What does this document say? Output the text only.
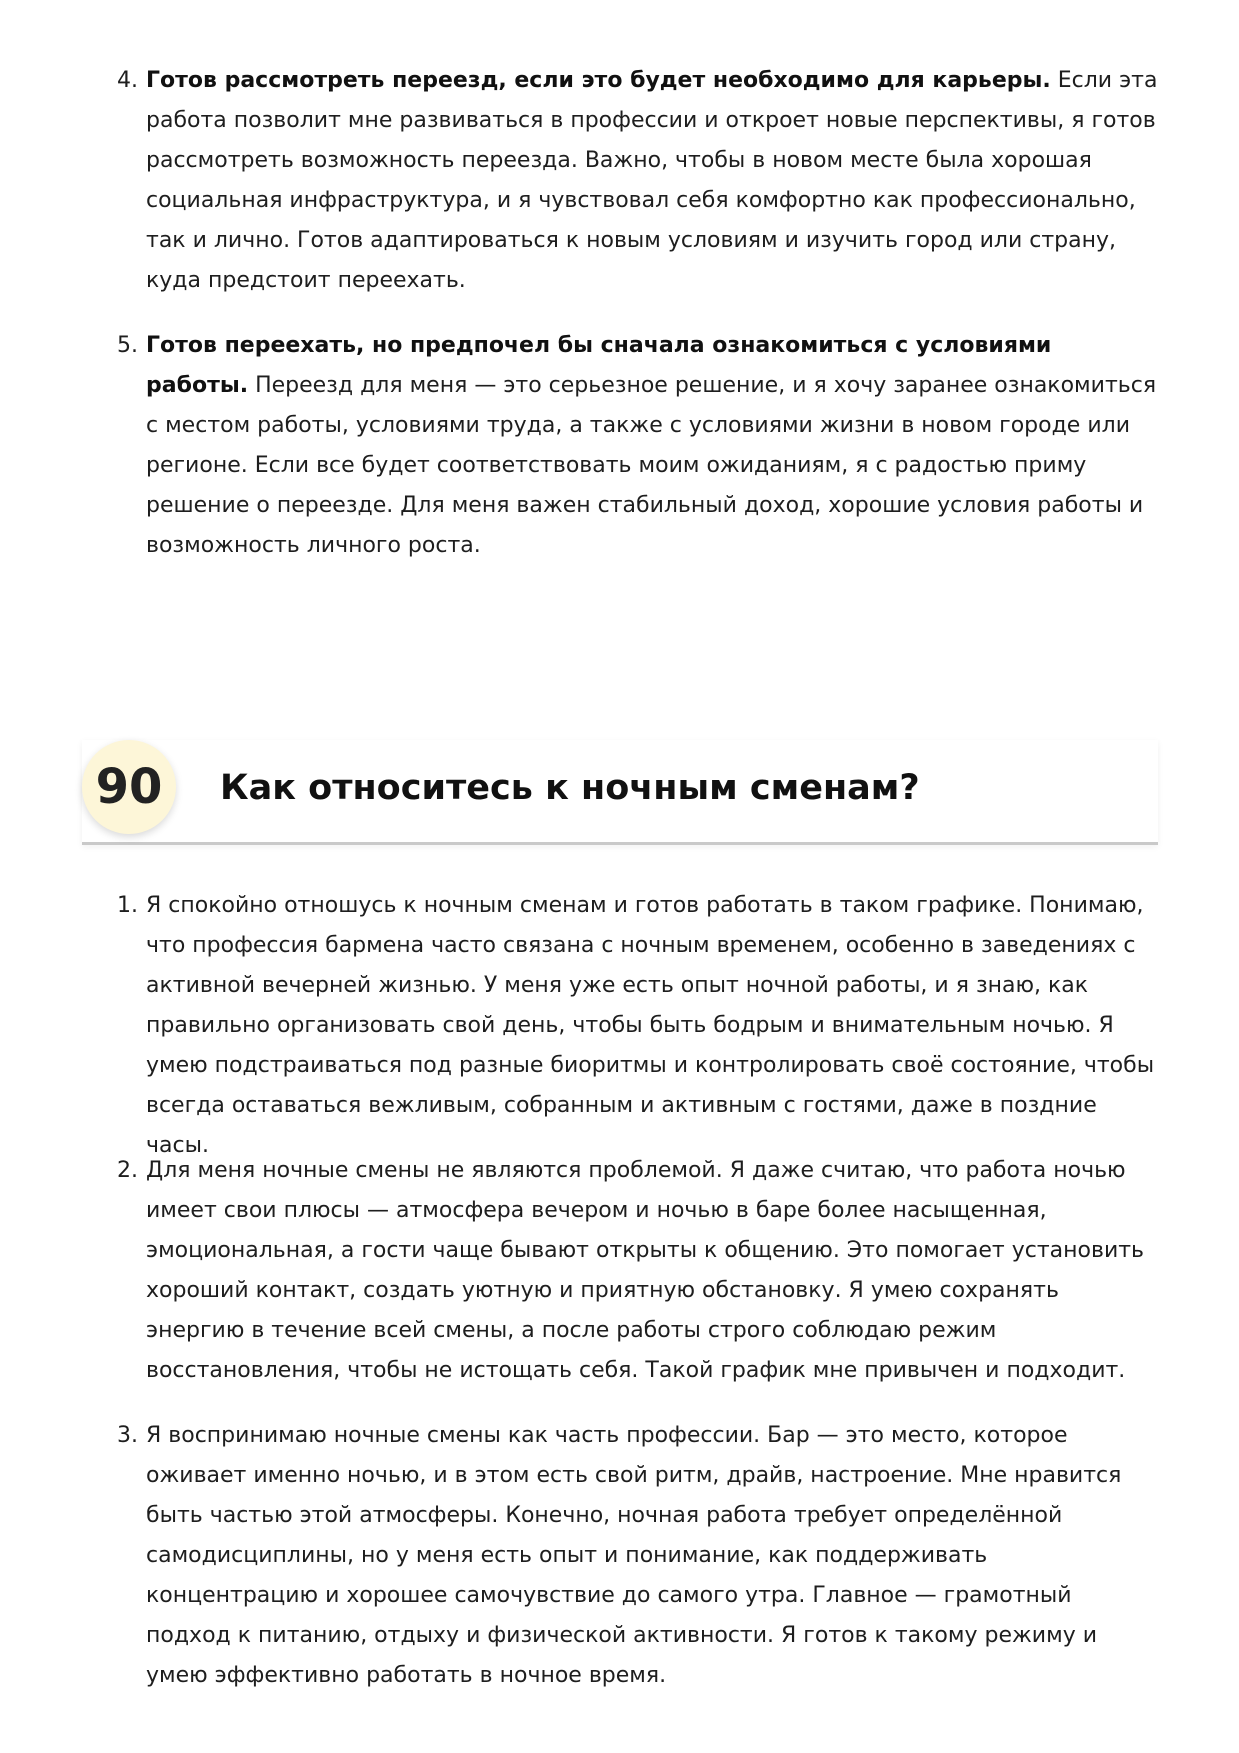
4. Готов рассмотреть переезд, если это будет необходимо для карьеры. Если эта работа позволит мне развиваться в профессии и откроет новые перспективы, я готов рассмотреть возможность переезда. Важно, чтобы в новом месте была хорошая социальная инфраструктура, и я чувствовал себя комфортно как профессионально, так и лично. Готов адаптироваться к новым условиям и изучить город или страну, куда предстоит переехать.
5. Готов переехать, но предпочел бы сначала ознакомиться с условиями работы. Переезд для меня — это серьезное решение, и я хочу заранее ознакомиться с местом работы, условиями труда, а также с условиями жизни в новом городе или регионе. Если все будет соответствовать моим ожиданиям, я с радостью приму решение о переезде. Для меня важен стабильный доход, хорошие условия работы и возможность личного роста.
90	Как относитесь к ночным сменам?
1. Я спокойно отношусь к ночным сменам и готов работать в таком графике. Понимаю, что профессия бармена часто связана с ночным временем, особенно в заведениях с активной вечерней жизнью. У меня уже есть опыт ночной работы, и я знаю, как правильно организовать свой день, чтобы быть бодрым и внимательным ночью. Я умею подстраиваться под разные биоритмы и контролировать своё состояние, чтобы всегда оставаться вежливым, собранным и активным с гостями, даже в поздние часы.
2. Для меня ночные смены не являются проблемой. Я даже считаю, что работа ночью имеет свои плюсы — атмосфера вечером и ночью в баре более насыщенная, эмоциональная, а гости чаще бывают открыты к общению. Это помогает установить хороший контакт, создать уютную и приятную обстановку. Я умею сохранять энергию в течение всей смены, а после работы строго соблюдаю режим восстановления, чтобы не истощать себя. Такой график мне привычен и подходит.
3. Я воспринимаю ночные смены как часть профессии. Бар — это место, которое оживает именно ночью, и в этом есть свой ритм, драйв, настроение. Мне нравится быть частью этой атмосферы. Конечно, ночная работа требует определённой самодисциплины, но у меня есть опыт и понимание, как поддерживать концентрацию и хорошее самочувствие до самого утра. Главное — грамотный подход к питанию, отдыху и физической активности. Я готов к такому режиму и умею эффективно работать в ночное время.
